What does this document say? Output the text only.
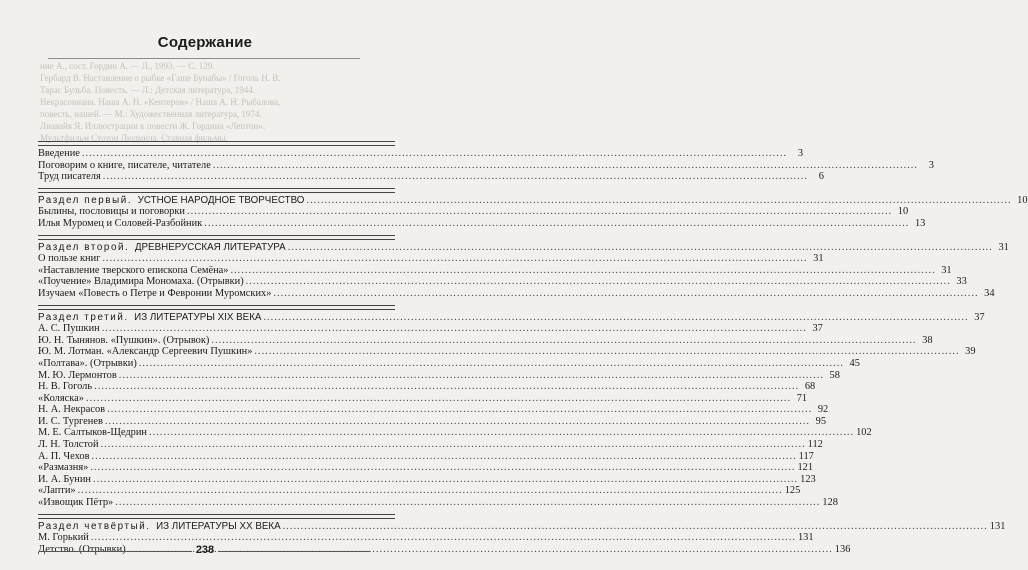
ние А., сост. Гордин А. — Л., 1993. — С. 129.
Гербард В. Наставление о рыбке «Гаше Бунабы» / Гоголь Н. В.
Тарас Бульба. Повесть. — Л.: Детская литература, 1944.
Некрасовиана. Наша А. Н. «Кентеров» / Наша А. Н. Рыбалова,
повесть, нашей. — М.: Художественная литература, 1974.
Лиавайя Я. Иллюстрации к повести Ж. Гордина «Лептон».
Мультфильм Стотон Людмила. Ставная фильмы.
Содержание
Введение .....	3
Поговорим о книге, писателе, читателе .....	3
Труд писателя .....	6
Раздел первый. УСТНОЕ НАРОДНОЕ ТВОРЧЕСТВО .....	10
Былины, пословицы и поговорки .....	10
Илья Муромец и Соловей-Разбойник .....	13
Раздел второй. ДРЕВНЕРУССКАЯ ЛИТЕРАТУРА .....	31
О пользе книг .....	31
«Наставление тверского епископа Семёна» .....	31
«Поучение» Владимира Мономаха. (Отрывки) .....	33
Изучаем «Повесть о Петре и Февронии Муромских» .....	34
Раздел третий. ИЗ ЛИТЕРАТУРЫ XIX ВЕКА .....	37
А. С. Пушкин .....	37
Ю. Н. Тынянов. «Пушкин». (Отрывок) .....	38
Ю. М. Лотман. «Александр Сергеевич Пушкин» .....	39
«Полтава». (Отрывки) .....	45
М. Ю. Лермонтов .....	58
Н. В. Гоголь .....	68
«Коляска» .....	71
Н. А. Некрасов .....	92
И. С. Тургенев .....	95
М. Е. Салтыков-Щедрин .....	102
Л. Н. Толстой .....	112
А. П. Чехов .....	117
«Размазня» .....	121
И. А. Бунин .....	123
«Лапти» .....	125
«Извощик Пётр» .....	128
Раздел четвёртый. ИЗ ЛИТЕРАТУРЫ XX ВЕКА .....	131
М. Горький .....	131
Детство. (Отрывки) .....	136
238
